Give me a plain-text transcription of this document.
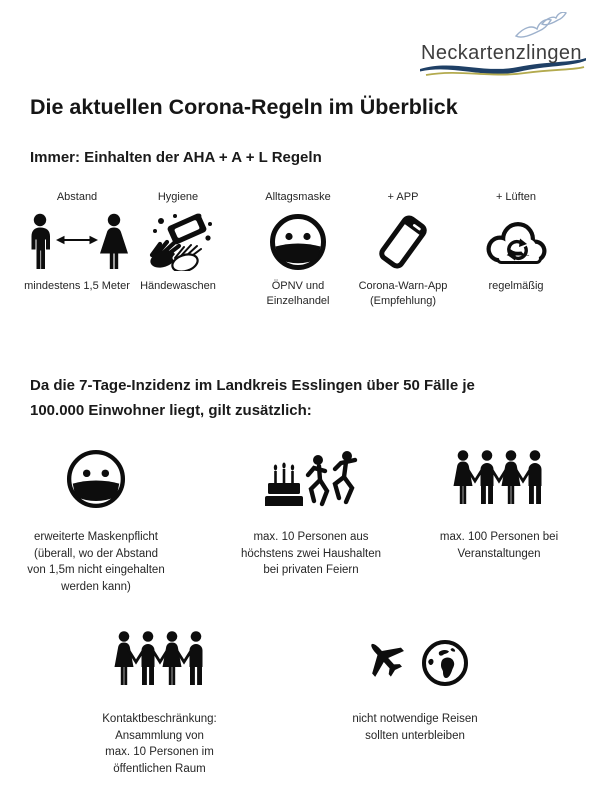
Neckartenzlingen
Die aktuellen Corona-Regeln im Überblick
Immer: Einhalten der AHA + A + L Regeln
Abstand
mindestens 1,5 Meter
Hygiene
Händewaschen
Alltagsmaske
ÖPNV und
Einzelhandel
+ APP
Corona-Warn-App
(Empfehlung)
+ Lüften
regelmäßig
Da die 7-Tage-Inzidenz im Landkreis Esslingen über 50 Fälle je
100.000 Einwohner liegt, gilt zusätzlich:
erweiterte Maskenpflicht
(überall, wo der Abstand
von 1,5m nicht eingehalten
werden kann)
max. 10 Personen aus
höchstens zwei Haushalten
bei privaten Feiern
max. 100 Personen bei
Veranstaltungen
Kontaktbeschränkung:
Ansammlung von
max. 10 Personen im
öffentlichen Raum
nicht notwendige Reisen
sollten unterbleiben
